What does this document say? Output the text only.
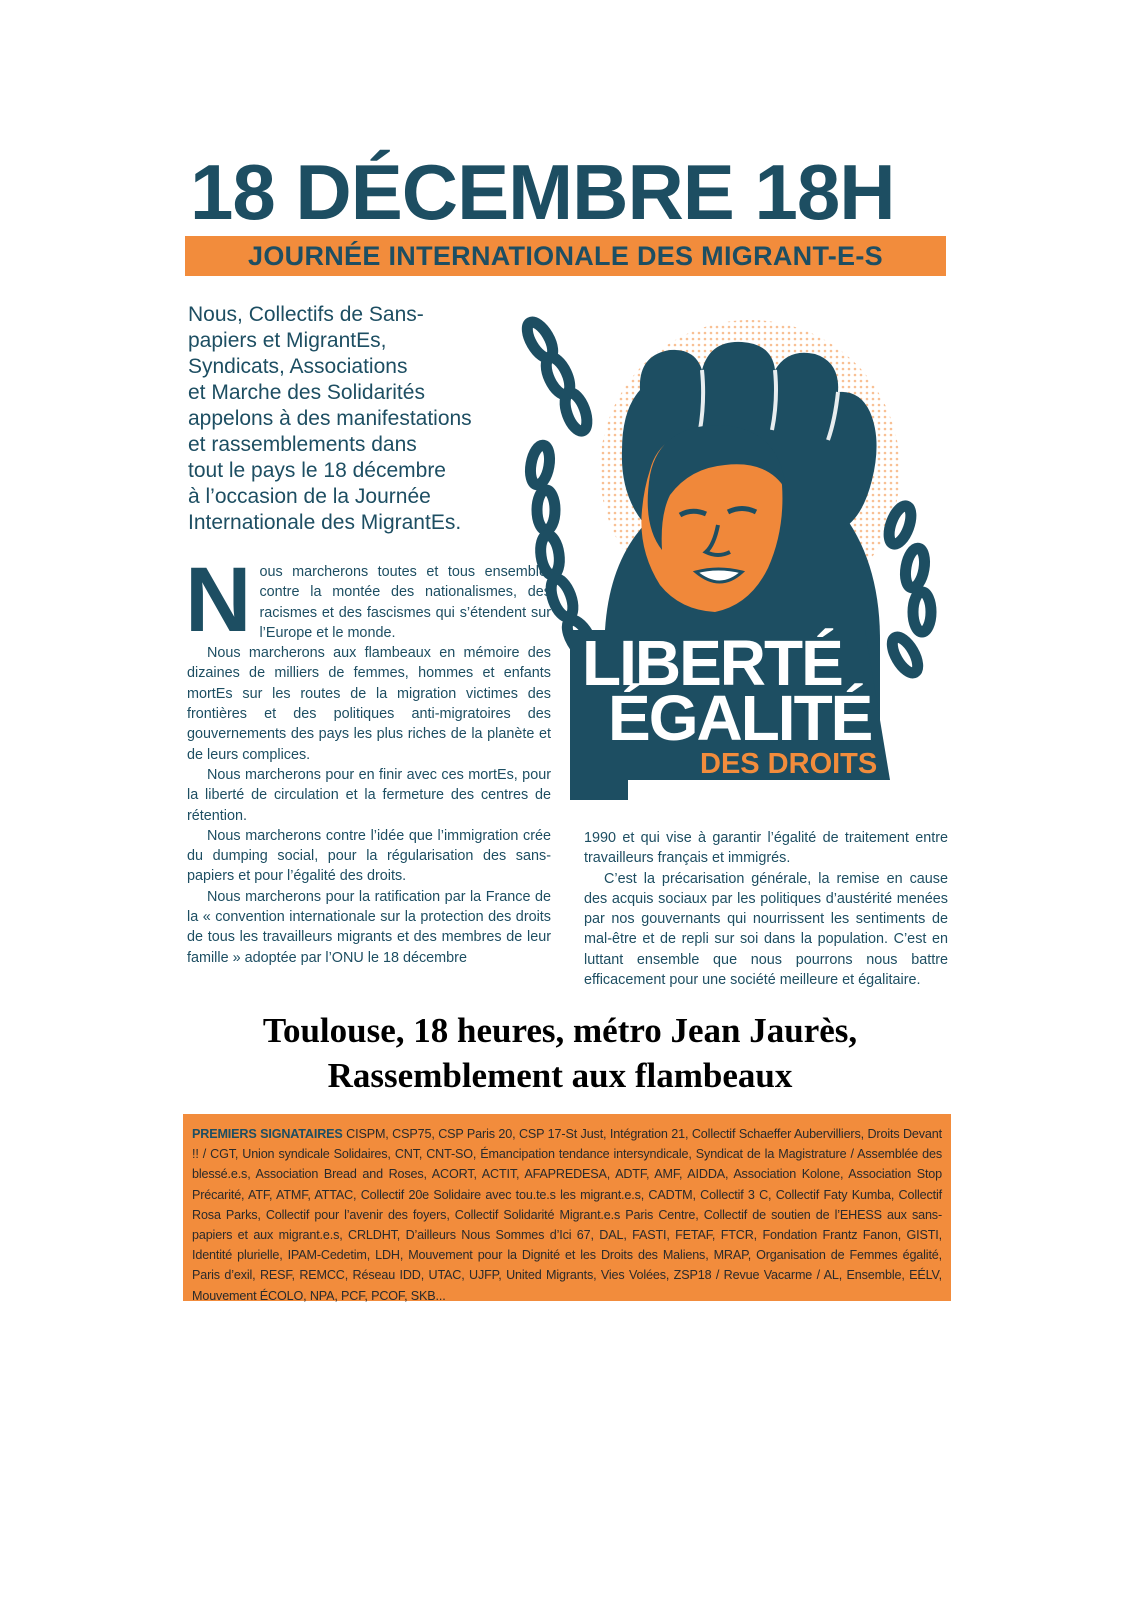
18 DÉCEMBRE 18H
JOURNÉE INTERNATIONALE DES MIGRANT-E-S
Nous, Collectifs de Sans-
papiers et MigrantEs,
Syndicats, Associations
et Marche des Solidarités
appelons à des manifestations
et rassemblements dans
tout le pays le 18 décembre
à l’occasion de la Journée
Internationale des MigrantEs.

Nous marcherons toutes et tous ensemble, contre la montée des nationalismes, des racismes et des fascismes qui s’étendent sur l’Europe et le monde.

Nous marcherons aux flambeaux en mémoire des dizaines de milliers de femmes, hommes et enfants mortEs sur les routes de la migration victimes des frontières et des politiques anti-migratoires des gouvernements des pays les plus riches de la planète et de leurs complices.

Nous marcherons pour en finir avec ces mortEs, pour la liberté de circulation et la fermeture des centres de rétention.

Nous marcherons contre l’idée que l’immigration crée du dumping social, pour la régularisation des sans-papiers et pour l’égalité des droits.

Nous marcherons pour la ratification par la France de la « convention internationale sur la protection des droits de tous les travailleurs migrants et des membres de leur famille » adoptée par l’ONU le 18 décembre

1990 et qui vise à garantir l’égalité de traitement entre travailleurs français et immigrés.

C’est la précarisation générale, la remise en cause des acquis sociaux par les politiques d’austérité menées par nos gouvernants qui nourrissent les sentiments de mal-être et de repli sur soi dans la population. C’est en luttant ensemble que nous pourrons nous battre efficacement pour une société meilleure et égalitaire.

LIBERTÉ
ÉGALITÉ
DES DROITS
Toulouse, 18 heures, métro Jean Jaurès,
Rassemblement aux flambeaux
PREMIERS SIGNATAIRES CISPM, CSP75, CSP Paris 20, CSP 17-St Just, Intégration 21, Collectif Schaeffer Aubervilliers, Droits Devant !! / CGT, Union syndicale Solidaires, CNT, CNT-SO, Émancipation tendance intersyndicale, Syndicat de la Magistrature / Assemblée des blessé.e.s, Association Bread and Roses, ACORT, ACTIT, AFAPREDESA, ADTF, AMF, AIDDA, Association Kolone, Association Stop Précarité, ATF, ATMF, ATTAC, Collectif 20e Solidaire avec tou.te.s les migrant.e.s, CADTM, Collectif 3 C, Collectif Faty Kumba, Collectif Rosa Parks, Collectif pour l’avenir des foyers, Collectif Solidarité Migrant.e.s Paris Centre, Collectif de soutien de l’EHESS aux sans-papiers et aux migrant.e.s, CRLDHT, D’ailleurs Nous Sommes d’Ici 67, DAL, FASTI, FETAF, FTCR, Fondation Frantz Fanon, GISTI, Identité plurielle, IPAM-Cedetim, LDH, Mouvement pour la Dignité et les Droits des Maliens, MRAP, Organisation de Femmes égalité, Paris d’exil, RESF, REMCC, Réseau IDD, UTAC, UJFP, United Migrants, Vies Volées, ZSP18 / Revue Vacarme / AL, Ensemble, EÉLV, Mouvement ÉCOLO, NPA, PCF, PCOF, SKB...
